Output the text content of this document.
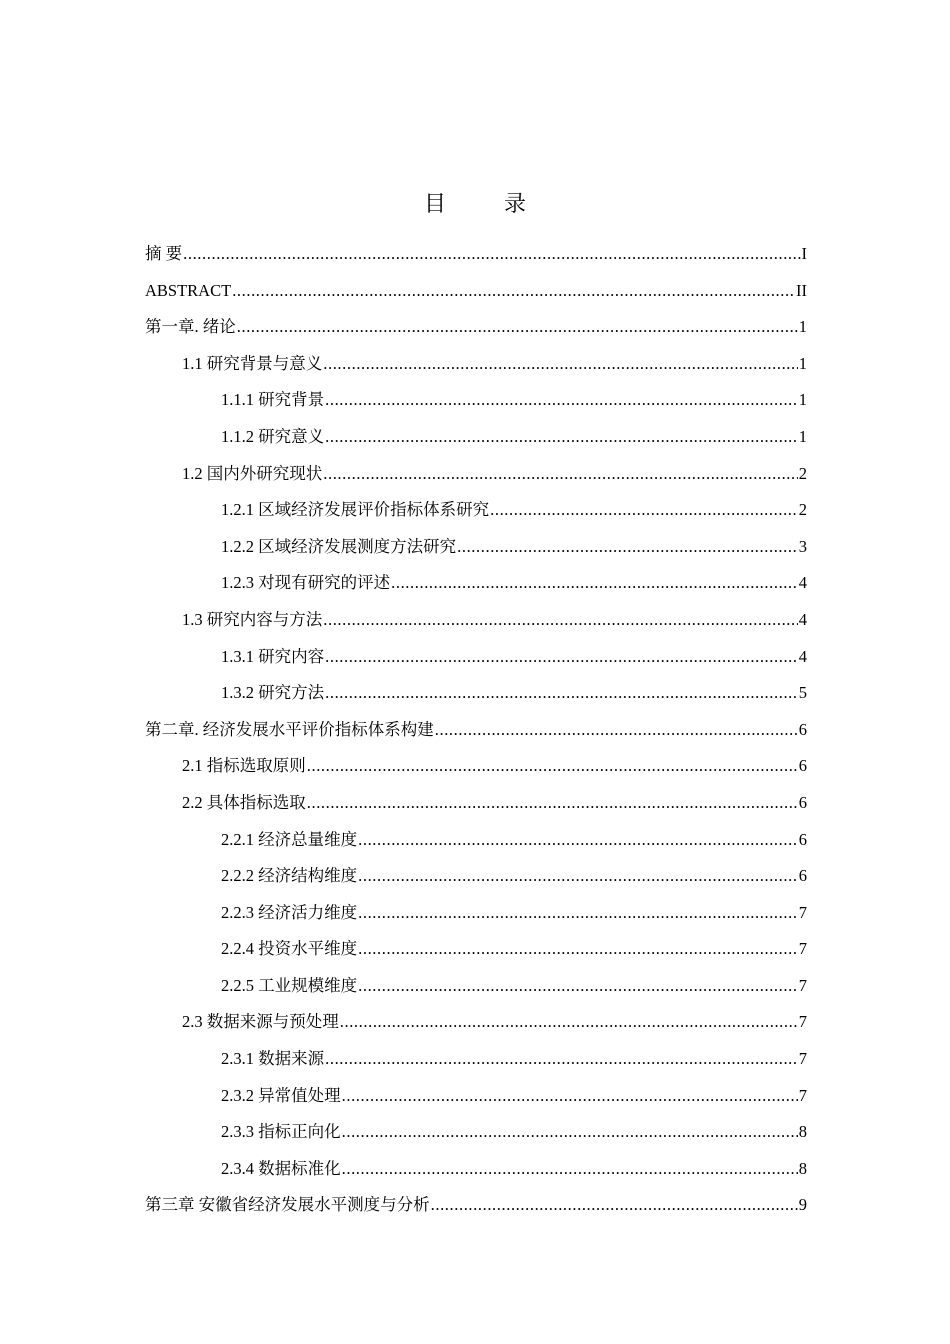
目　录
摘 要 .....	I
ABSTRACT .....	II
第一章. 绪论 .....	1
1.1 研究背景与意义 .....	1
1.1.1 研究背景 .....	1
1.1.2 研究意义 .....	1
1.2 国内外研究现状 .....	2
1.2.1 区域经济发展评价指标体系研究 .....	2
1.2.2 区域经济发展测度方法研究 .....	3
1.2.3 对现有研究的评述 .....	4
1.3 研究内容与方法 .....	4
1.3.1 研究内容 .....	4
1.3.2 研究方法 .....	5
第二章. 经济发展水平评价指标体系构建 .....	6
2.1 指标选取原则 .....	6
2.2 具体指标选取 .....	6
2.2.1 经济总量维度 .....	6
2.2.2 经济结构维度 .....	6
2.2.3 经济活力维度 .....	7
2.2.4 投资水平维度 .....	7
2.2.5 工业规模维度 .....	7
2.3 数据来源与预处理 .....	7
2.3.1 数据来源 .....	7
2.3.2 异常值处理 .....	7
2.3.3 指标正向化 .....	8
2.3.4 数据标准化 .....	8
第三章 安徽省经济发展水平测度与分析 .....	9
